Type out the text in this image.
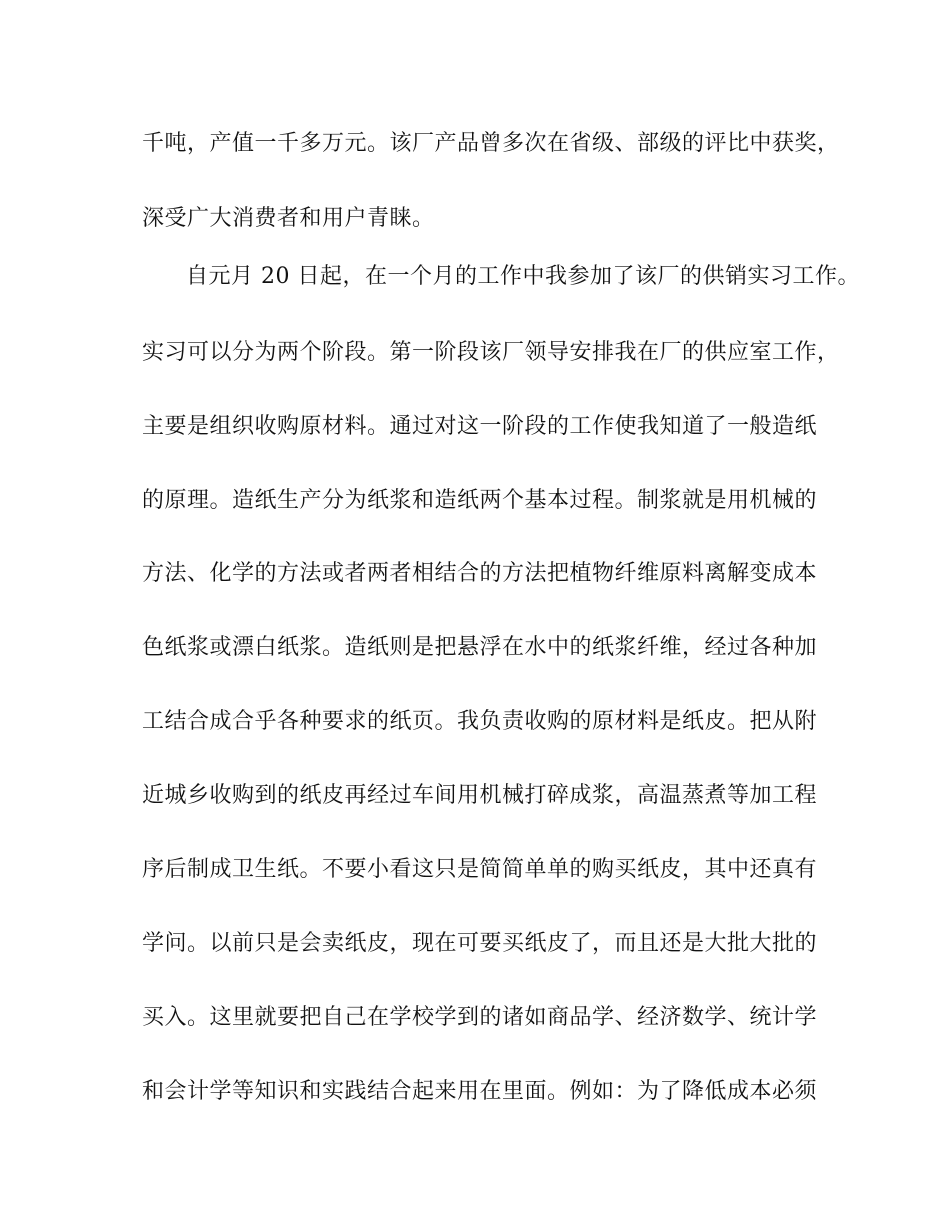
千吨，产值一千多万元。该厂产品曾多次在省级、部级的评比中获奖，
深受广大消费者和用户青睐。
自元月 20 日起，在一个月的工作中我参加了该厂的供销实习工作。
实习可以分为两个阶段。第一阶段该厂领导安排我在厂的供应室工作，
主要是组织收购原材料。通过对这一阶段的工作使我知道了一般造纸
的原理。造纸生产分为纸浆和造纸两个基本过程。制浆就是用机械的
方法、化学的方法或者两者相结合的方法把植物纤维原料离解变成本
色纸浆或漂白纸浆。造纸则是把悬浮在水中的纸浆纤维，经过各种加
工结合成合乎各种要求的纸页。我负责收购的原材料是纸皮。把从附
近城乡收购到的纸皮再经过车间用机械打碎成浆，高温蒸煮等加工程
序后制成卫生纸。不要小看这只是简简单单的购买纸皮，其中还真有
学问。以前只是会卖纸皮，现在可要买纸皮了，而且还是大批大批的
买入。这里就要把自己在学校学到的诸如商品学、经济数学、统计学
和会计学等知识和实践结合起来用在里面。例如：为了降低成本必须
